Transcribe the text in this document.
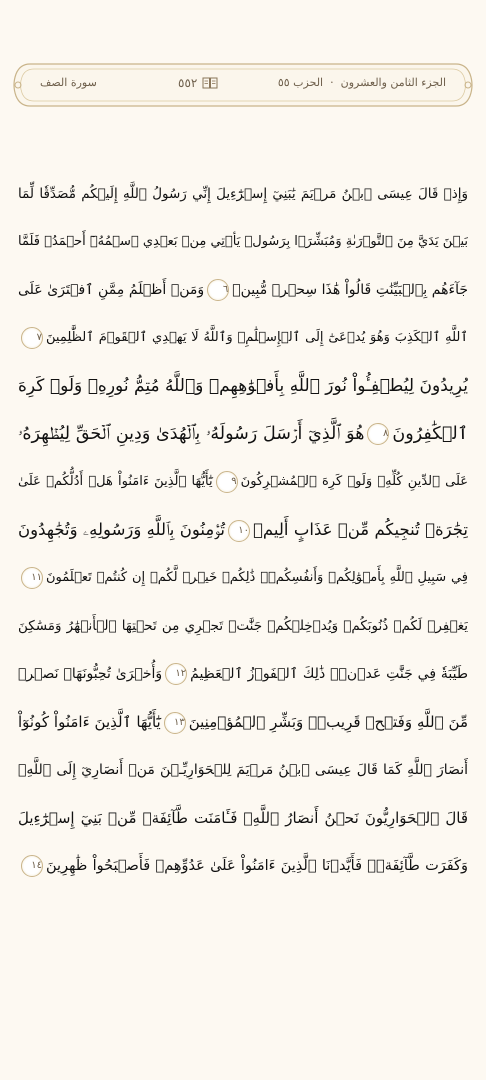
الجزء الثامن والعشرون  ·  الحزب ٥٥
٥٥٢
سورة الصف
وَإِذۡ قَالَ عِيسَى ٱبۡنُ مَرۡيَمَ يَٰبَنِيٓ إِسۡرَٰٓءِيلَ إِنِّي رَسُولُ ٱللَّهِ إِلَيۡكُم مُّصَدِّقٗا لِّمَا
بَيۡنَ يَدَيَّ مِنَ ٱلتَّوۡرَىٰةِ وَمُبَشِّرَۢا بِرَسُولٖ يَأۡتِي مِنۢ بَعۡدِي ٱسۡمُهُۥٓ أَحۡمَدُۖ فَلَمَّا
جَآءَهُم بِٱلۡبَيِّنَٰتِ قَالُواْ هَٰذَا سِحۡرٞ مُّبِينٞ٦وَمَنۡ أَظۡلَمُ مِمَّنِ ٱفۡتَرَىٰ عَلَى
ٱللَّهِ ٱلۡكَذِبَ وَهُوَ يُدۡعَىٰٓ إِلَى ٱلۡإِسۡلَٰمِۚ وَٱللَّهُ لَا يَهۡدِي ٱلۡقَوۡمَ ٱلظَّٰلِمِينَ٧
يُرِيدُونَ لِيُطۡفِـُٔواْ نُورَ ٱللَّهِ بِأَفۡوَٰهِهِمۡ وَٱللَّهُ مُتِمُّ نُورِهِۦ وَلَوۡ كَرِهَ
ٱلۡكَٰفِرُونَ٨هُوَ ٱلَّذِيٓ أَرۡسَلَ رَسُولَهُۥ بِٱلۡهُدَىٰ وَدِينِ ٱلۡحَقِّ لِيُظۡهِرَهُۥ
عَلَى ٱلدِّينِ كُلِّهِۦ وَلَوۡ كَرِهَ ٱلۡمُشۡرِكُونَ٩يَٰٓأَيُّهَا ٱلَّذِينَ ءَامَنُواْ هَلۡ أَدُلُّكُمۡ عَلَىٰ
تِجَٰرَةٖ تُنجِيكُم مِّنۡ عَذَابٍ أَلِيمٖ١٠تُؤۡمِنُونَ بِٱللَّهِ وَرَسُولِهِۦ وَتُجَٰهِدُونَ
فِي سَبِيلِ ٱللَّهِ بِأَمۡوَٰلِكُمۡ وَأَنفُسِكُمۡۚ ذَٰلِكُمۡ خَيۡرٞ لَّكُمۡ إِن كُنتُمۡ تَعۡلَمُونَ١١
يَغۡفِرۡ لَكُمۡ ذُنُوبَكُمۡ وَيُدۡخِلۡكُمۡ جَنَّٰتٖ تَجۡرِي مِن تَحۡتِهَا ٱلۡأَنۡهَٰرُ وَمَسَٰكِنَ
طَيِّبَةٗ فِي جَنَّٰتِ عَدۡنٖۚ ذَٰلِكَ ٱلۡفَوۡزُ ٱلۡعَظِيمُ١٢وَأُخۡرَىٰ تُحِبُّونَهَاۖ نَصۡرٞ
مِّنَ ٱللَّهِ وَفَتۡحٞ قَرِيبٞۗ وَبَشِّرِ ٱلۡمُؤۡمِنِينَ١٣يَٰٓأَيُّهَا ٱلَّذِينَ ءَامَنُواْ كُونُوٓاْ
أَنصَارَ ٱللَّهِ كَمَا قَالَ عِيسَى ٱبۡنُ مَرۡيَمَ لِلۡحَوَارِيِّـۧنَ مَنۡ أَنصَارِيٓ إِلَى ٱللَّهِۖ
قَالَ ٱلۡحَوَارِيُّونَ نَحۡنُ أَنصَارُ ٱللَّهِۖ فَـَٔامَنَت طَّآئِفَةٞ مِّنۢ بَنِيٓ إِسۡرَٰٓءِيلَ
وَكَفَرَت طَّآئِفَةٞۖ فَأَيَّدۡنَا ٱلَّذِينَ ءَامَنُواْ عَلَىٰ عَدُوِّهِمۡ فَأَصۡبَحُواْ ظَٰهِرِينَ١٤
